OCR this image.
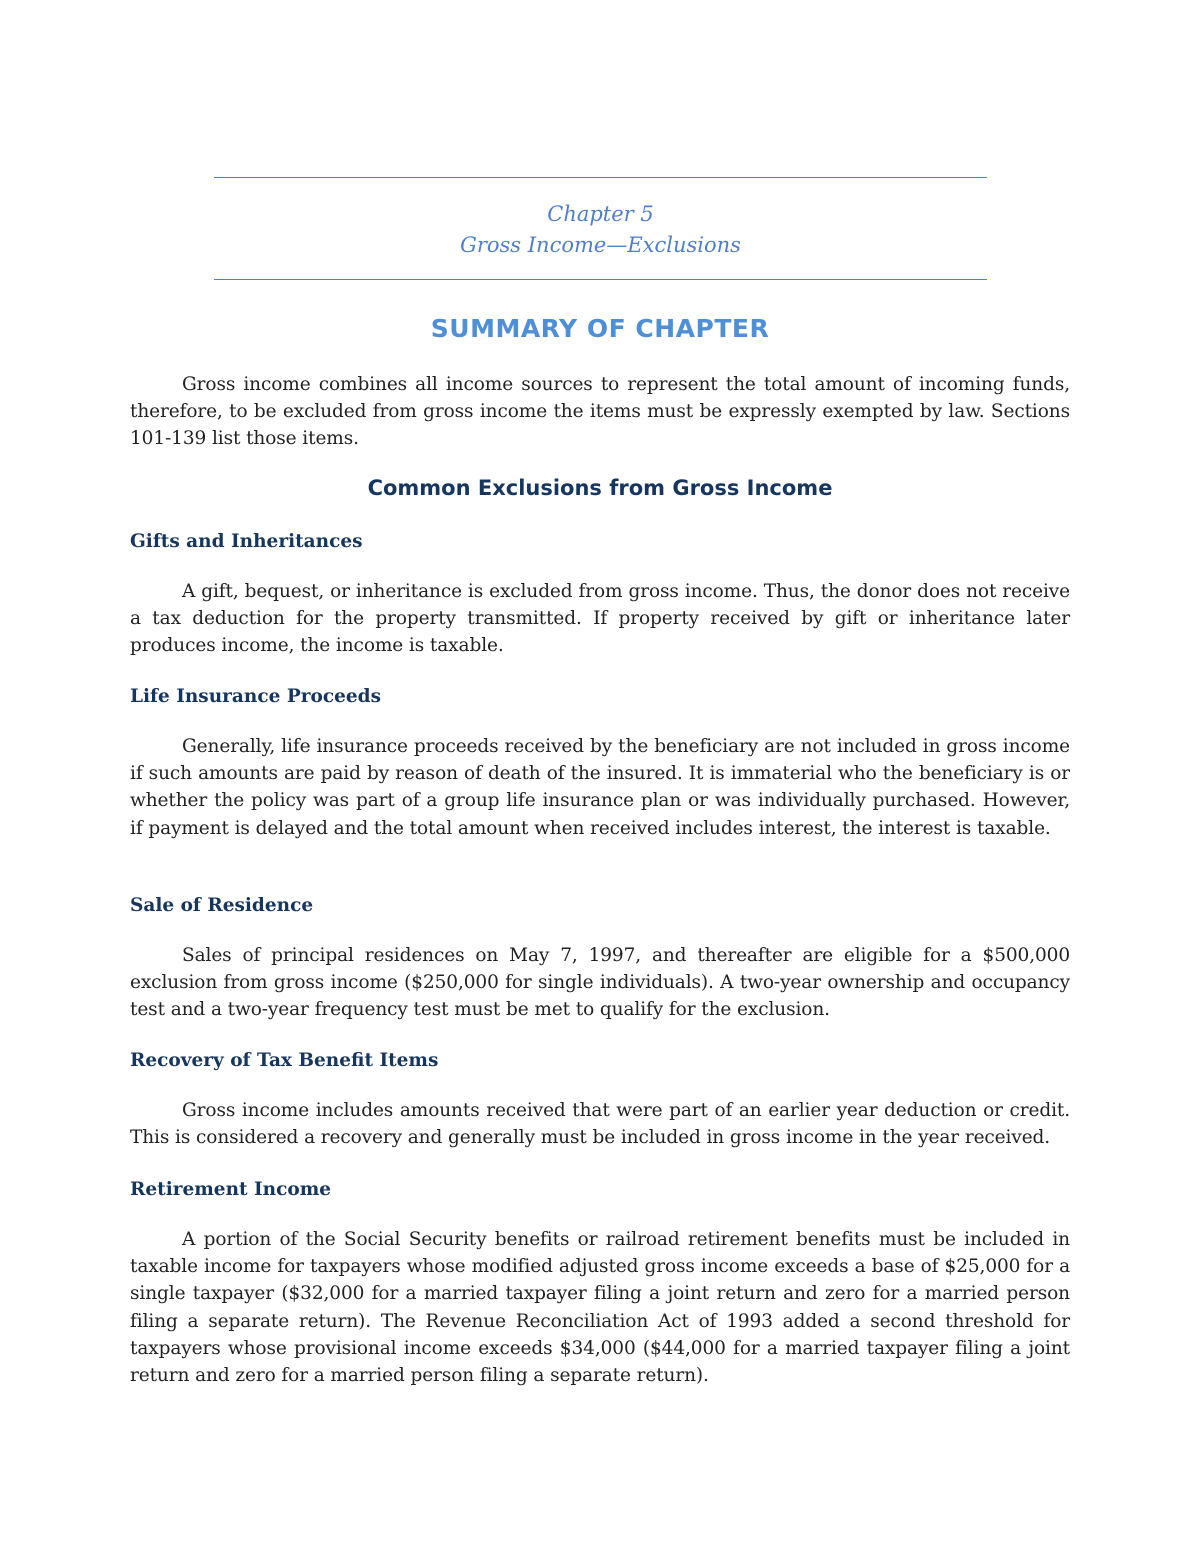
Chapter 5
Gross Income—Exclusions
SUMMARY OF CHAPTER
Gross income combines all income sources to represent the total amount of incoming funds, therefore, to be excluded from gross income the items must be expressly exempted by law. Sections 101-139 list those items.
Common Exclusions from Gross Income
Gifts and Inheritances
A gift, bequest, or inheritance is excluded from gross income. Thus, the donor does not receive a tax deduction for the property transmitted. If property received by gift or inheritance later produces income, the income is taxable.
Life Insurance Proceeds
Generally, life insurance proceeds received by the beneficiary are not included in gross income if such amounts are paid by reason of death of the insured. It is immaterial who the beneficiary is or whether the policy was part of a group life insurance plan or was individually purchased. However, if payment is delayed and the total amount when received includes interest, the interest is taxable.
Sale of Residence
Sales of principal residences on May 7, 1997, and thereafter are eligible for a $500,000 exclusion from gross income ($250,000 for single individuals). A two-year ownership and occupancy test and a two-year frequency test must be met to qualify for the exclusion.
Recovery of Tax Benefit Items
Gross income includes amounts received that were part of an earlier year deduction or credit. This is considered a recovery and generally must be included in gross income in the year received.
Retirement Income
A portion of the Social Security benefits or railroad retirement benefits must be included in taxable income for taxpayers whose modified adjusted gross income exceeds a base of $25,000 for a single taxpayer ($32,000 for a married taxpayer filing a joint return and zero for a married person filing a separate return). The Revenue Reconciliation Act of 1993 added a second threshold for taxpayers whose provisional income exceeds $34,000 ($44,000 for a married taxpayer filing a joint return and zero for a married person filing a separate return).
